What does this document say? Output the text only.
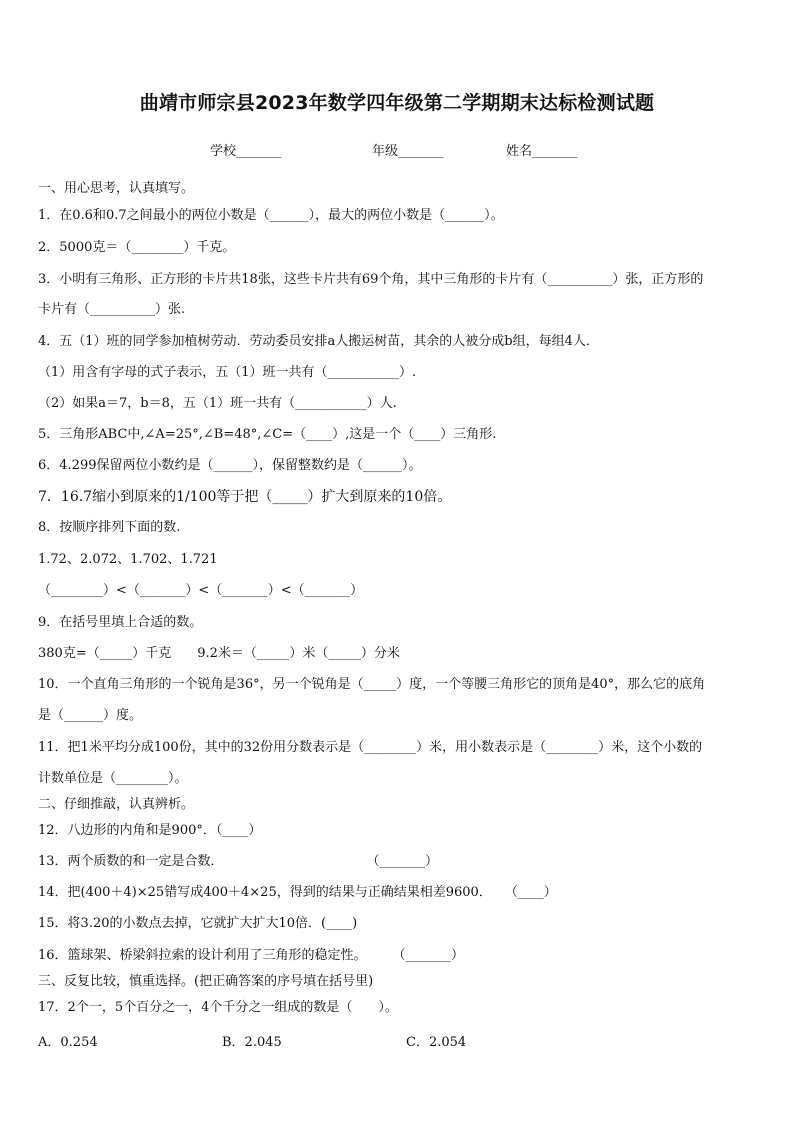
曲靖市师宗县2023年数学四年级第二学期期末达标检测试题
学校_______	年级_______	姓名_______
一、用心思考，认真填写。
1．在0.6和0.7之间最小的两位小数是（______），最大的两位小数是（______）。
2．5000克＝（________）千克。
3．小明有三角形、正方形的卡片共18张，这些卡片共有69个角，其中三角形的卡片有（__________）张，正方形的
卡片有（__________）张.
4．五（1）班的同学参加植树劳动．劳动委员安排a人搬运树苗，其余的人被分成b组，每组4人．
（1）用含有字母的式子表示，五（1）班一共有（___________）.
（2）如果a＝7，b＝8，五（1）班一共有（___________）人.
5．三角形ABC中,∠A=25°,∠B=48°,∠C=（____）,这是一个（____）三角形.
6．4.299保留两位小数约是（______），保留整数约是（______）。
7．16.7缩小到原来的1/100等于把（_____）扩大到原来的10倍。
8．按顺序排列下面的数.
1.72、2.072、1.702、1.721
（________）<（_______）<（_______）<（_______）
9．在括号里填上合适的数。
380克=（_____）千克　　9.2米＝（_____）米（_____）分米
10．一个直角三角形的一个锐角是36°，另一个锐角是（_____）度，一个等腰三角形它的顶角是40°，那么它的底角
是（______）度。
11．把1米平均分成100份，其中的32份用分数表示是（________）米，用小数表示是（________）米，这个小数的
计数单位是（________）。
二、仔细推敲，认真辨析。
12．八边形的内角和是900°．（____）
13．两个质数的和一定是合数．　　　　　　　　　　　　（_______）
14．把(400＋4)×25错写成400＋4×25，得到的结果与正确结果相差9600．　　（____）
15．将3.20的小数点去掉，它就扩大扩大10倍．(____)
16．篮球架、桥梁斜拉索的设计利用了三角形的稳定性。　　　（_______）
三、反复比较，慎重选择。(把正确答案的序号填在括号里)
17．2个一，5个百分之一，4个千分之一组成的数是（　　）。
A．0.254	B．2.045	C．2.054
